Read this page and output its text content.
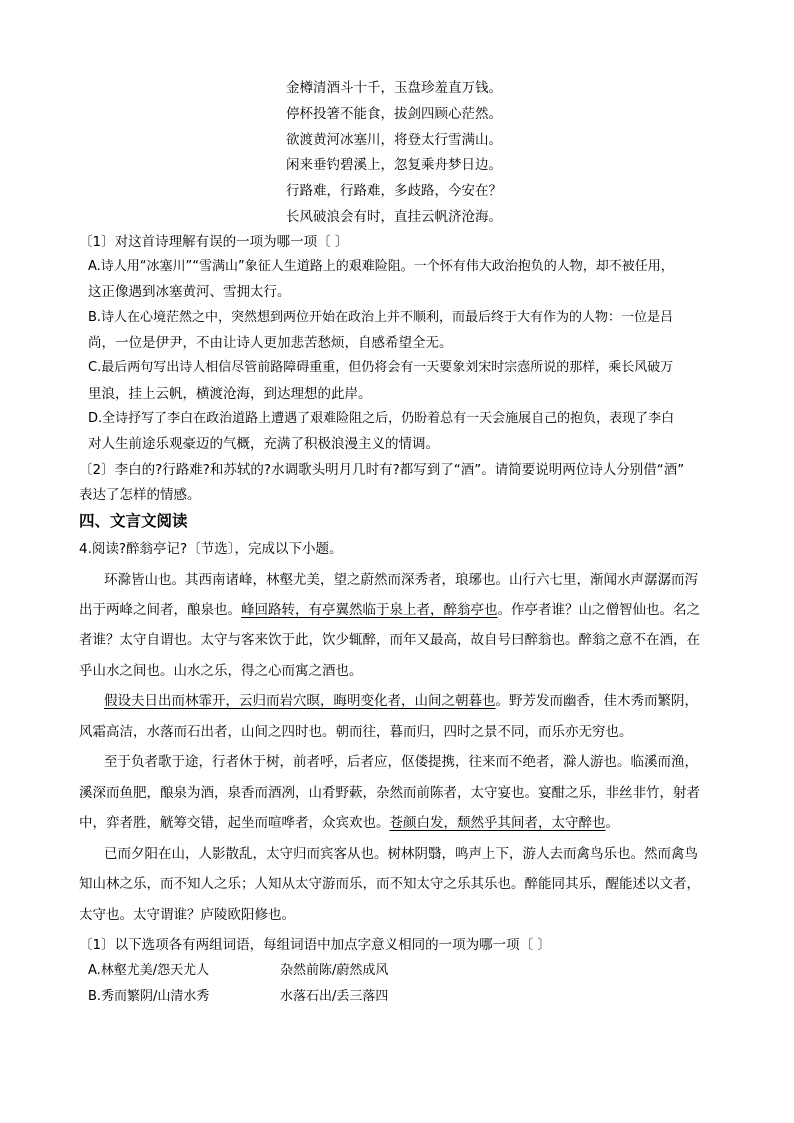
金樽清酒斗十千，玉盘珍羞直万钱。
停杯投箸不能食，拔剑四顾心茫然。
欲渡黄河冰塞川，将登太行雪满山。
闲来垂钓碧溪上，忽复乘舟梦日边。
行路难，行路难，多歧路，今安在？
长风破浪会有时，直挂云帆济沧海。
〔1〕对这首诗理解有误的一项为哪一项〔 〕
A.诗人用“冰塞川”“雪满山”象征人生道路上的艰难险阻。一个怀有伟大政治抱负的人物，却不被任用，
这正像遇到冰塞黄河、雪拥太行。
B.诗人在心境茫然之中，突然想到两位开始在政治上并不顺利，而最后终于大有作为的人物：一位是吕
尚，一位是伊尹，不由让诗人更加悲苦愁烦，自感希望全无。
C.最后两句写出诗人相信尽管前路障碍重重，但仍将会有一天要象刘宋时宗悫所说的那样，乘长风破万
里浪，挂上云帆，横渡沧海，到达理想的此岸。
D.全诗抒写了李白在政治道路上遭遇了艰难险阻之后，仍盼着总有一天会施展自己的抱负，表现了李白
对人生前途乐观豪迈的气概，充满了积极浪漫主义的情调。
〔2〕李白的?行路难?和苏轼的?水调歌头明月几时有?都写到了“酒”。请简要说明两位诗人分别借“酒”
表达了怎样的情感。
四、文言文阅读
4.阅读?醉翁亭记?〔节选〕，完成以下小题。
环滁皆山也。其西南诸峰，林壑尤美，望之蔚然而深秀者，琅琊也。山行六七里，渐闻水声潺潺而泻
出于两峰之间者，酿泉也。峰回路转，有亭翼然临于泉上者，醉翁亭也。作亭者谁？山之僧智仙也。名之
者谁？太守自谓也。太守与客来饮于此，饮少辄醉，而年又最高，故自号曰醉翁也。醉翁之意不在酒，在
乎山水之间也。山水之乐，得之心而寓之酒也。
假设夫日出而林霏开，云归而岩穴暝，晦明变化者，山间之朝暮也。野芳发而幽香，佳木秀而繁阴，
风霜高洁，水落而石出者，山间之四时也。朝而往，暮而归，四时之景不同，而乐亦无穷也。
至于负者歌于途，行者休于树，前者呼，后者应，伛偻提携，往来而不绝者，滁人游也。临溪而渔，
溪深而鱼肥，酿泉为酒，泉香而酒冽，山肴野蔌，杂然而前陈者，太守宴也。宴酣之乐，非丝非竹，射者
中，弈者胜，觥筹交错，起坐而喧哗者，众宾欢也。苍颜白发，颓然乎其间者，太守醉也。
已而夕阳在山，人影散乱，太守归而宾客从也。树林阴翳，鸣声上下，游人去而禽鸟乐也。然而禽鸟
知山林之乐，而不知人之乐；人知从太守游而乐，而不知太守之乐其乐也。醉能同其乐，醒能述以文者，
太守也。太守谓谁？庐陵欧阳修也。
〔1〕以下选项各有两组词语，每组词语中加点字意义相同的一项为哪一项〔 〕
A.林壑尤美/怨天尤人	杂然前陈/蔚然成风
B.秀而繁阴/山清水秀	水落石出/丢三落四
